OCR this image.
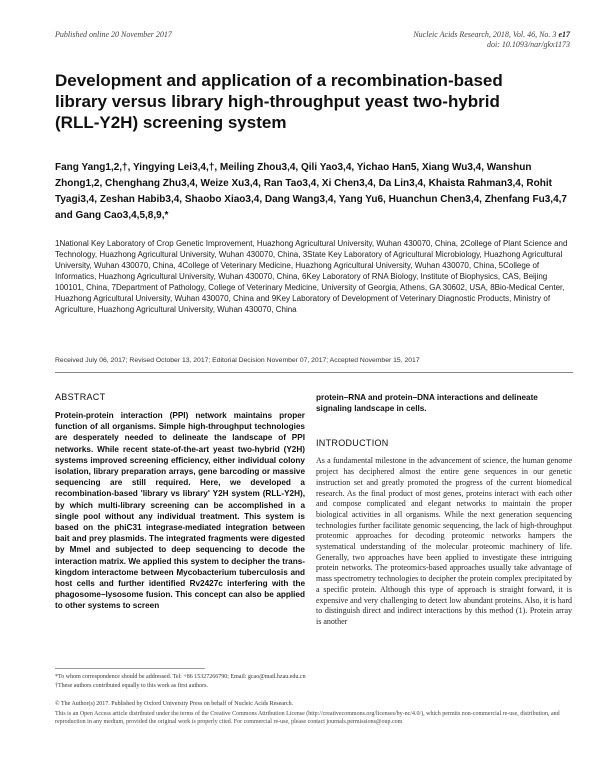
Published online 20 November 2017	Nucleic Acids Research, 2018, Vol. 46, No. 3 e17
doi: 10.1093/nar/gkx1173
Development and application of a recombination-based library versus library high-throughput yeast two-hybrid (RLL-Y2H) screening system
Fang Yang1,2,†, Yingying Lei3,4,†, Meiling Zhou3,4, Qili Yao3,4, Yichao Han5, Xiang Wu3,4, Wanshun Zhong1,2, Chenghang Zhu3,4, Weize Xu3,4, Ran Tao3,4, Xi Chen3,4, Da Lin3,4, Khaista Rahman3,4, Rohit Tyagi3,4, Zeshan Habib3,4, Shaobo Xiao3,4, Dang Wang3,4, Yang Yu6, Huanchun Chen3,4, Zhenfang Fu3,4,7 and Gang Cao3,4,5,8,9,*
1National Key Laboratory of Crop Genetic Improvement, Huazhong Agricultural University, Wuhan 430070, China, 2College of Plant Science and Technology, Huazhong Agricultural University, Wuhan 430070, China, 3State Key Laboratory of Agricultural Microbiology, Huazhong Agricultural University, Wuhan 430070, China, 4College of Veterinary Medicine, Huazhong Agricultural University, Wuhan 430070, China, 5College of Informatics, Huazhong Agricultural University, Wuhan 430070, China, 6Key Laboratory of RNA Biology, Institute of Biophysics, CAS, Beijing 100101, China, 7Department of Pathology, College of Veterinary Medicine, University of Georgia, Athens, GA 30602, USA, 8Bio-Medical Center, Huazhong Agricultural University, Wuhan 430070, China and 9Key Laboratory of Development of Veterinary Diagnostic Products, Ministry of Agriculture, Huazhong Agricultural University, Wuhan 430070, China
Received July 06, 2017; Revised October 13, 2017; Editorial Decision November 07, 2017; Accepted November 15, 2017
ABSTRACT

Protein-protein interaction (PPI) network maintains proper function of all organisms. Simple high-throughput technologies are desperately needed to delineate the landscape of PPI networks. While recent state-of-the-art yeast two-hybrid (Y2H) systems improved screening efficiency, either individual colony isolation, library preparation arrays, gene barcoding or massive sequencing are still required. Here, we developed a recombination-based 'library vs library' Y2H system (RLL-Y2H), by which multi-library screening can be accomplished in a single pool without any individual treatment. This system is based on the phiC31 integrase-mediated integration between bait and prey plasmids. The integrated fragments were digested by MmeI and subjected to deep sequencing to decode the interaction matrix. We applied this system to decipher the trans-kingdom interactome between Mycobacterium tuberculosis and host cells and further identified Rv2427c interfering with the phagosome–lysosome fusion. This concept can also be applied to other systems to screen

protein–RNA and protein–DNA interactions and delineate signaling landscape in cells.

INTRODUCTION

As a fundamental milestone in the advancement of science, the human genome project has deciphered almost the entire gene sequences in our genetic instruction set and greatly promoted the progress of the current biomedical research. As the final product of most genes, proteins interact with each other and compose complicated and elegant networks to maintain the proper biological activities in all organisms. While the next generation sequencing technologies further facilitate genomic sequencing, the lack of high-throughput proteomic approaches for decoding proteomic networks hampers the systematical understanding of the molecular proteomic machinery of life. Generally, two approaches have been applied to investigate these intriguing protein networks. The proteomics-based approaches usually take advantage of mass spectrometry technologies to decipher the protein complex precipitated by a specific protein. Although this type of approach is straight forward, it is expensive and very challenging to detect low abundant proteins. Also, it is hard to distinguish direct and indirect interactions by this method (1). Protein array is another

*To whom correspondence should be addressed. Tel: +86 15327266790; Email: gcao@mail.hzau.edu.cn
†These authors contributed equally to this work as first authors.
© The Author(s) 2017. Published by Oxford University Press on behalf of Nucleic Acids Research.
This is an Open Access article distributed under the terms of the Creative Commons Attribution License (http://creativecommons.org/licenses/by-nc/4.0/), which permits non-commercial re-use, distribution, and reproduction in any medium, provided the original work is properly cited. For commercial re-use, please contact journals.permissions@oup.com
